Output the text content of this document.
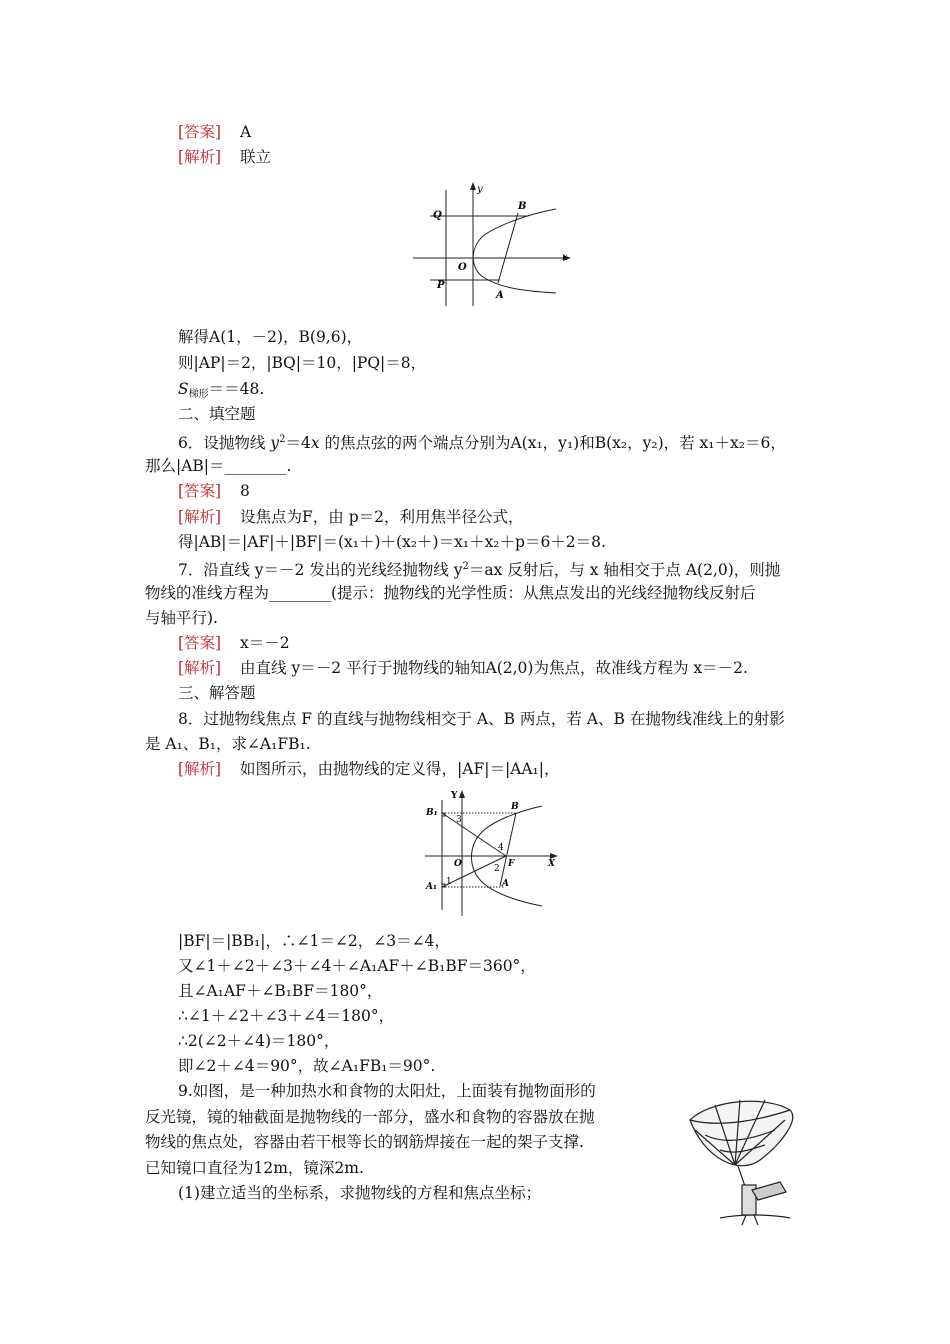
[答案] A
[解析] 联立
y
x
B
Q
O
P
A
解得A(1，－2)，B(9,6)，
则|AP|＝2，|BQ|＝10，|PQ|＝8，
$S_{梯形}==48$.
二、填空题
6．设抛物线 $y^2=4x$ 的焦点弦的两个端点分别为A(x₁，y₁)和B(x₂，y₂)，若 x₁＋x₂＝6，
那么|AB|＝________.
[答案] 8
[解析] 设焦点为F，由 p＝2，利用焦半径公式，
得|AB|＝|AF|＋|BF|＝(x₁＋)＋(x₂＋)＝x₁＋x₂＋p＝6＋2＝8.
7．沿直线 y＝－2 发出的光线经抛物线 $y^2=ax$ 反射后，与 x 轴相交于点 A(2,0)，则抛
物线的准线方程为________(提示：抛物线的光学性质：从焦点发出的光线经抛物线反射后
与轴平行).
[答案] x＝－2
[解析] 由直线 y＝－2 平行于抛物线的轴知A(2,0)为焦点，故准线方程为 x＝－2.
三、解答题
8．过抛物线焦点 F 的直线与抛物线相交于 A、B 两点，若 A、B 在抛物线准线上的射影
是 A₁、B₁，求∠A₁FB₁.
[解析] 如图所示，由抛物线的定义得，|AF|＝|AA₁|，
Y
X
B
B₁
A₁	A
O	F
1
2
3
4
|BF|＝|BB₁|，∴∠1＝∠2，∠3＝∠4，
又∠1＋∠2＋∠3＋∠4＋∠A₁AF＋∠B₁BF＝360°，
且∠A₁AF＋∠B₁BF＝180°，
∴∠1＋∠2＋∠3＋∠4＝180°，
∴2(∠2＋∠4)＝180°，
即∠2＋∠4＝90°，故∠A₁FB₁＝90°.
9.如图，是一种加热水和食物的太阳灶，上面装有抛物面形的
反光镜，镜的轴截面是抛物线的一部分，盛水和食物的容器放在抛
物线的焦点处，容器由若干根等长的钢筋焊接在一起的架子支撑.
已知镜口直径为12m，镜深2m.
(1)建立适当的坐标系，求抛物线的方程和焦点坐标；
